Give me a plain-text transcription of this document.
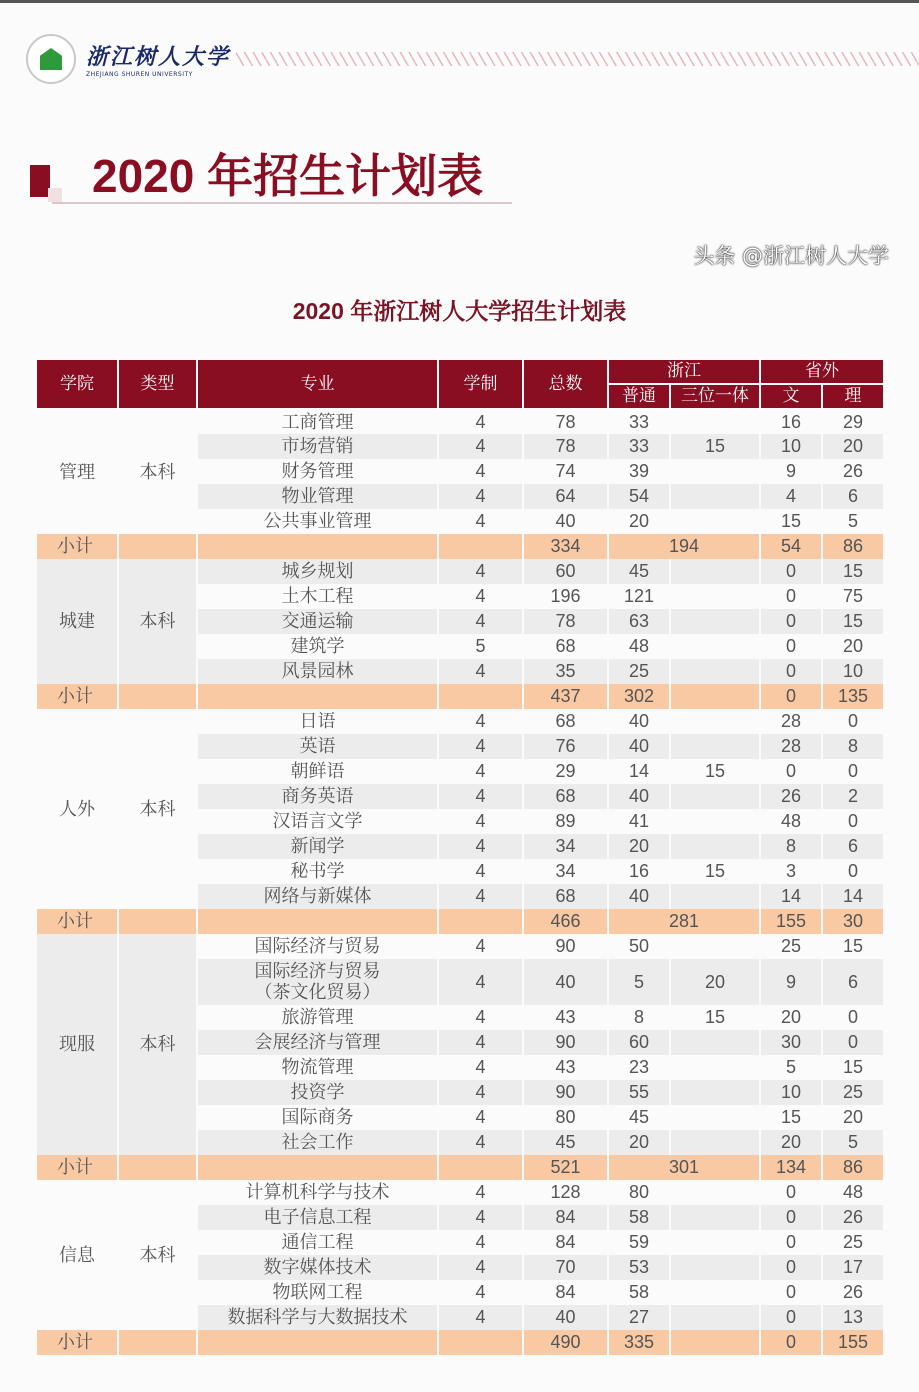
浙江树人大学
ZHEJIANG SHUREN UNIVERSITY
2020 年招生计划表
2020 年浙江树人大学招生计划表
学院	类型	专业	学制	总数	浙江		省外	
					普通	三位一体	文	理
管理	本科	工商管理	4	78	33		16	29
		市场营销	4	78	33	15	10	20
		财务管理	4	74	39		9	26
		物业管理	4	64	54		4	6
		公共事业管理	4	40	20		15	5
小计				334	194		54	86
城建	本科	城乡规划	4	60	45		0	15
		土木工程	4	196	121		0	75
		交通运输	4	78	63		0	15
		建筑学	5	68	48		0	20
		风景园林	4	35	25		0	10
小计				437	302		0	135
人外	本科	日语	4	68	40		28	0
		英语	4	76	40		28	8
		朝鲜语	4	29	14	15	0	0
		商务英语	4	68	40		26	2
		汉语言文学	4	89	41		48	0
		新闻学	4	34	20		8	6
		秘书学	4	34	16	15	3	0
		网络与新媒体	4	68	40		14	14
小计				466	281		155	30
现服	本科	国际经济与贸易	4	90	50		25	15
		国际经济与贸易
（茶文化贸易）	4	40	5	20	9	6
		旅游管理	4	43	8	15	20	0
		会展经济与管理	4	90	60		30	0
		物流管理	4	43	23		5	15
		投资学	4	90	55		10	25
		国际商务	4	80	45		15	20
		社会工作	4	45	20		20	5
小计				521	301		134	86
信息	本科	计算机科学与技术	4	128	80		0	48
		电子信息工程	4	84	58		0	26
		通信工程	4	84	59		0	25
		数字媒体技术	4	70	53		0	17
		物联网工程	4	84	58		0	26
		数据科学与大数据技术	4	40	27		0	13
小计				490	335		0	155
头条 @浙江树人大学
